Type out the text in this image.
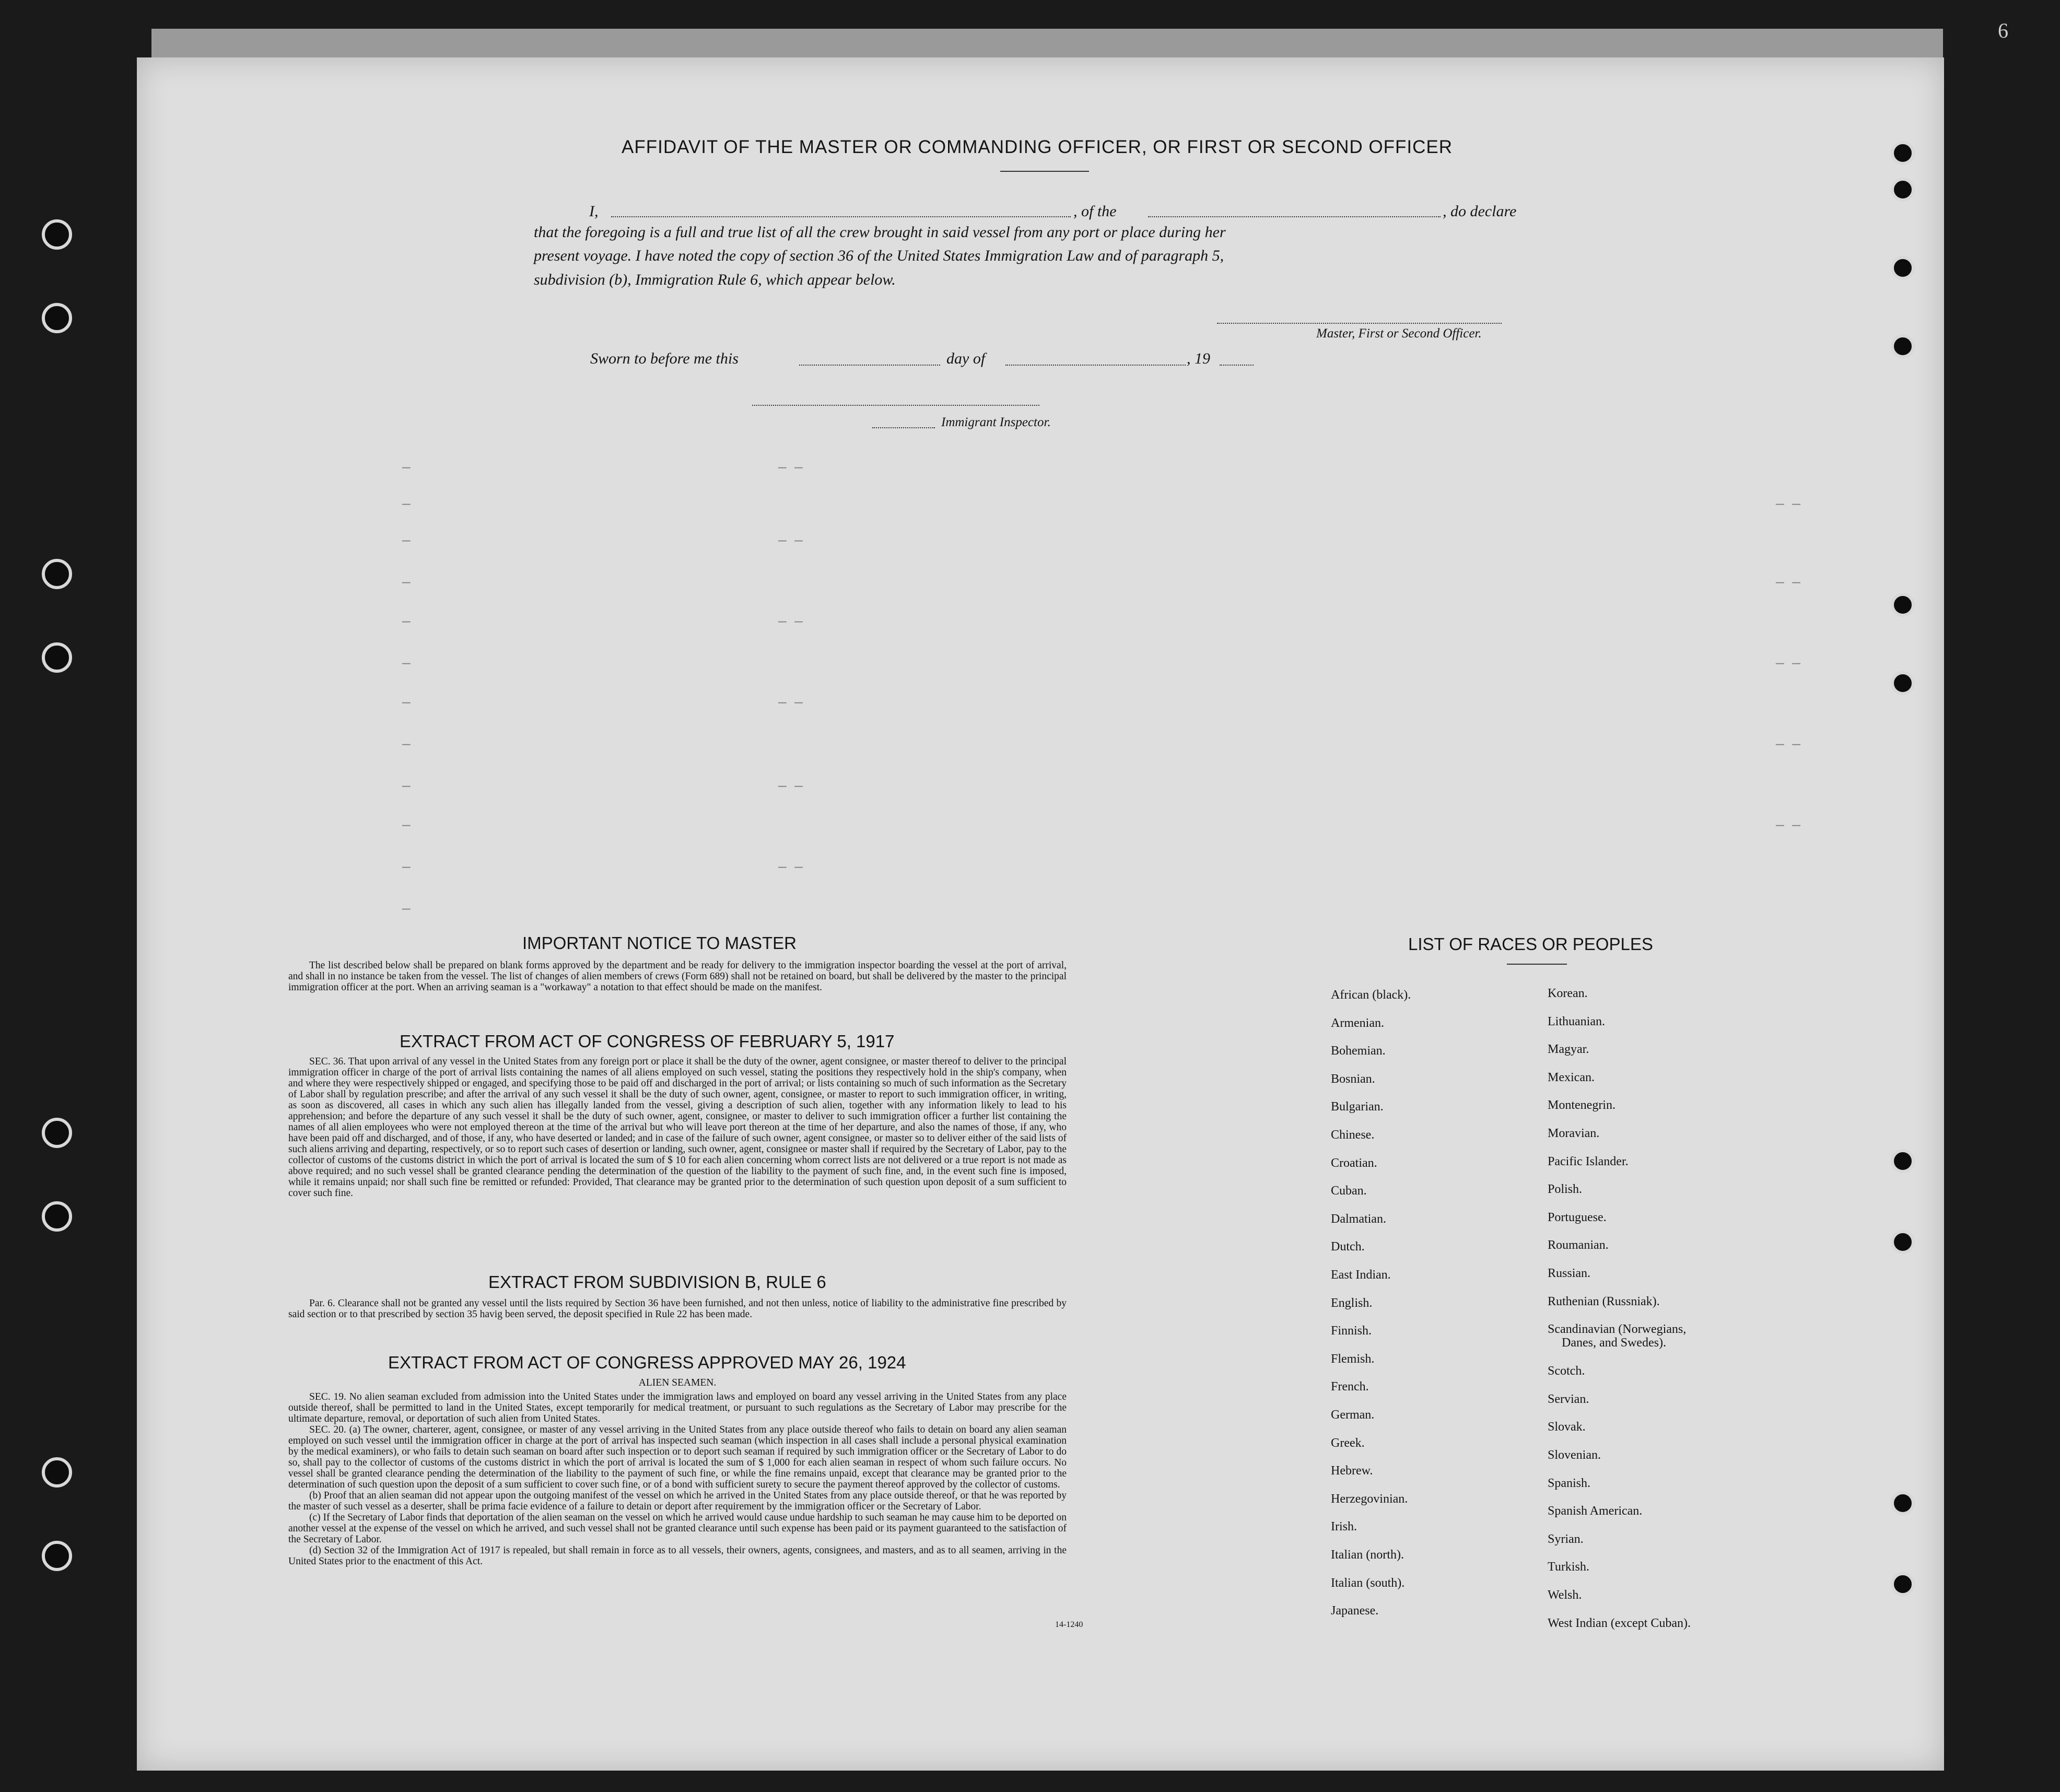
6
AFFIDAVIT OF THE MASTER OR COMMANDING OFFICER, OR FIRST OR SECOND OFFICER
I,	, of the	, do declare
that the foregoing is a full and true list of all the crew brought in said vessel from any port or place during her
present voyage. I have noted the copy of section 36 of the United States Immigration Law and of paragraph 5,
subdivision (b), Immigration Rule 6, which appear below.
Master, First or Second Officer.
Sworn to before me this	day of	, 19
Immigrant Inspector.
—
—
—
—
—
—
—
—
—
—
—
—
— —
— —
— —
— —
— —
— —
— —
— —
— —
— —
— —
IMPORTANT NOTICE TO MASTER
The list described below shall be prepared on blank forms approved by the department and be ready for delivery to the immigration inspector boarding the vessel at the port of arrival, and shall in no instance be taken from the vessel. The list of changes of alien members of crews (Form 689) shall not be retained on board, but shall be delivered by the master to the principal immigration officer at the port. When an arriving seaman is a "workaway" a notation to that effect should be made on the manifest.
EXTRACT FROM ACT OF CONGRESS OF FEBRUARY 5, 1917
SEC. 36. That upon arrival of any vessel in the United States from any foreign port or place it shall be the duty of the owner, agent consignee, or master thereof to deliver to the principal immigration officer in charge of the port of arrival lists containing the names of all aliens employed on such vessel, stating the positions they respectively hold in the ship's company, when and where they were respectively shipped or engaged, and specifying those to be paid off and discharged in the port of arrival; or lists containing so much of such information as the Secretary of Labor shall by regulation prescribe; and after the arrival of any such vessel it shall be the duty of such owner, agent, consignee, or master to report to such immigration officer, in writing, as soon as discovered, all cases in which any such alien has illegally landed from the vessel, giving a description of such alien, together with any information likely to lead to his apprehension; and before the departure of any such vessel it shall be the duty of such owner, agent, consignee, or master to deliver to such immigration officer a further list containing the names of all alien employees who were not employed thereon at the time of the arrival but who will leave port thereon at the time of her departure, and also the names of those, if any, who have been paid off and discharged, and of those, if any, who have deserted or landed; and in case of the failure of such owner, agent consignee, or master so to deliver either of the said lists of such aliens arriving and departing, respectively, or so to report such cases of desertion or landing, such owner, agent, consignee or master shall if required by the Secretary of Labor, pay to the collector of customs of the customs district in which the port of arrival is located the sum of $ 10 for each alien concerning whom correct lists are not delivered or a true report is not made as above required; and no such vessel shall be granted clearance pending the determination of the question of the liability to the payment of such fine, and, in the event such fine is imposed, while it remains unpaid; nor shall such fine be remitted or refunded: Provided, That clearance may be granted prior to the determination of such question upon deposit of a sum sufficient to cover such fine.
EXTRACT FROM SUBDIVISION B, RULE 6
Par. 6. Clearance shall not be granted any vessel until the lists required by Section 36 have been furnished, and not then unless, notice of liability to the administrative fine prescribed by said section or to that prescribed by section 35 havig been served, the deposit specified in Rule 22 has been made.
EXTRACT FROM ACT OF CONGRESS APPROVED MAY 26, 1924
ALIEN SEAMEN.
SEC. 19. No alien seaman excluded from admission into the United States under the immigration laws and employed on board any vessel arriving in the United States from any place outside thereof, shall be permitted to land in the United States, except temporarily for medical treatment, or pursuant to such regulations as the Secretary of Labor may prescribe for the ultimate departure, removal, or deportation of such alien from United States.
SEC. 20. (a) The owner, charterer, agent, consignee, or master of any vessel arriving in the United States from any place outside thereof who fails to detain on board any alien seaman employed on such vessel until the immigration officer in charge at the port of arrival has inspected such seaman (which inspection in all cases shall include a personal physical examination by the medical examiners), or who fails to detain such seaman on board after such inspection or to deport such seaman if required by such immigration officer or the Secretary of Labor to do so, shall pay to the collector of customs of the customs district in which the port of arrival is located the sum of $ 1,000 for each alien seaman in respect of whom such failure occurs. No vessel shall be granted clearance pending the determination of the liability to the payment of such fine, or while the fine remains unpaid, except that clearance may be granted prior to the determination of such question upon the deposit of a sum sufficient to cover such fine, or of a bond with sufficient surety to secure the payment thereof approved by the collector of customs.
(b) Proof that an alien seaman did not appear upon the outgoing manifest of the vessel on which he arrived in the United States from any place outside thereof, or that he was reported by the master of such vessel as a deserter, shall be prima facie evidence of a failure to detain or deport after requirement by the immigration officer or the Secretary of Labor.
(c) If the Secretary of Labor finds that deportation of the alien seaman on the vessel on which he arrived would cause undue hardship to such seaman he may cause him to be deported on another vessel at the expense of the vessel on which he arrived, and such vessel shall not be granted clearance until such expense has been paid or its payment guaranteed to the satisfaction of the Secretary of Labor.
(d) Section 32 of the Immigration Act of 1917 is repealed, but shall remain in force as to all vessels, their owners, agents, consignees, and masters, and as to all seamen, arriving in the United States prior to the enactment of this Act.
14-1240
LIST OF RACES OR PEOPLES
African (black).
Armenian.
Bohemian.
Bosnian.
Bulgarian.
Chinese.
Croatian.
Cuban.
Dalmatian.
Dutch.
East Indian.
English.
Finnish.
Flemish.
French.
German.
Greek.
Hebrew.
Herzegovinian.
Irish.
Italian (north).
Italian (south).
Japanese.
Korean.
Lithuanian.
Magyar.
Mexican.
Montenegrin.
Moravian.
Pacific Islander.
Polish.
Portuguese.
Roumanian.
Russian.
Ruthenian (Russniak).
Scandinavian (Norwegians,
Danes, and Swedes).
Scotch.
Servian.
Slovak.
Slovenian.
Spanish.
Spanish American.
Syrian.
Turkish.
Welsh.
West Indian (except Cuban).
